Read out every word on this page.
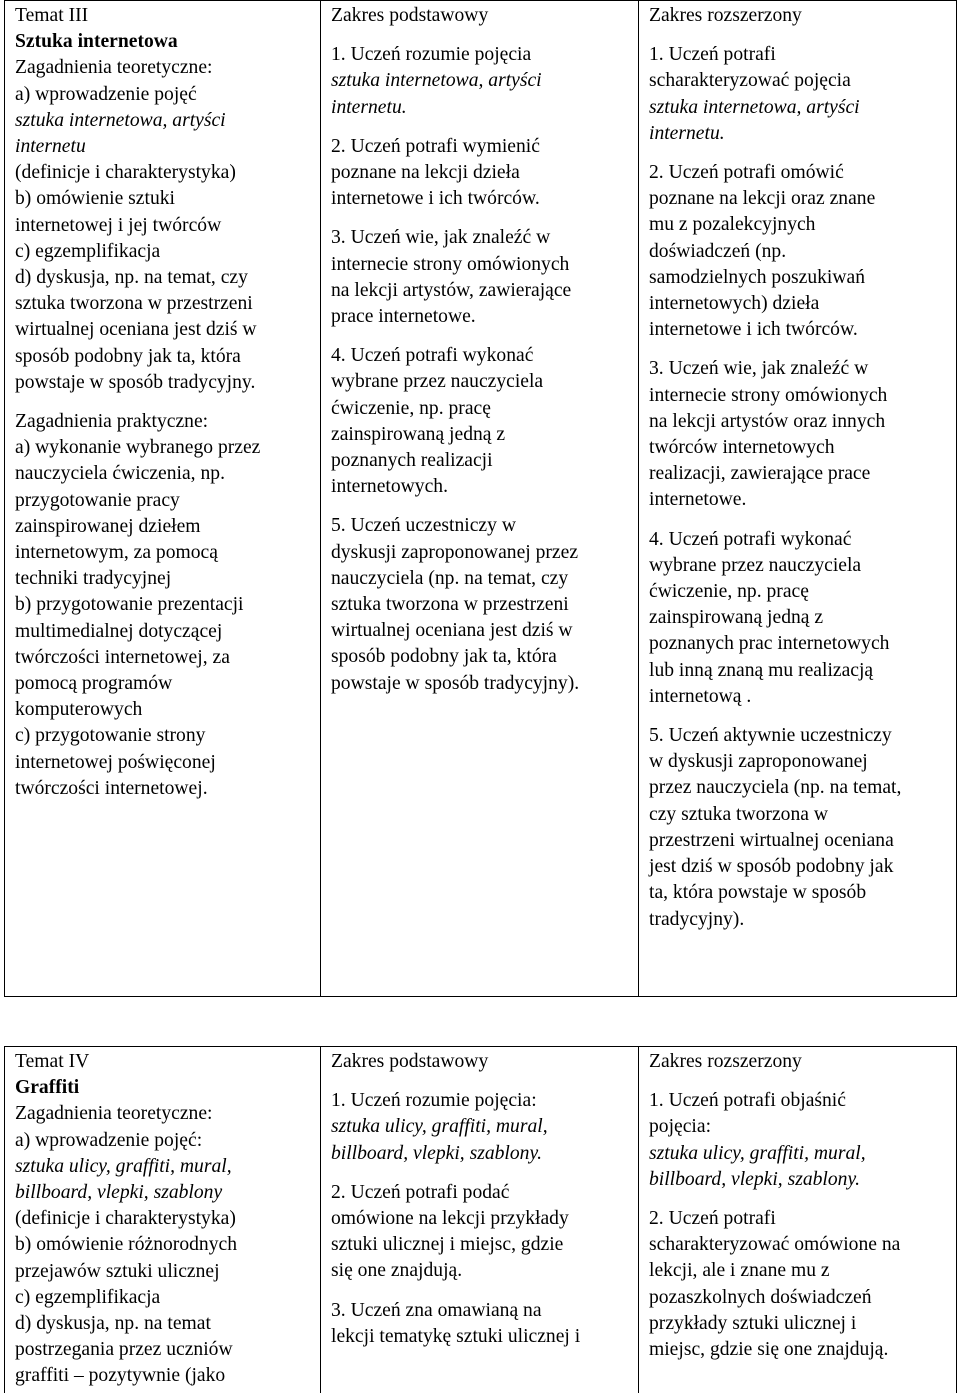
Temat III
Sztuka internetowa
Zagadnienia teoretyczne:
a) wprowadzenie pojęć
sztuka internetowa, artyści
internetu
(definicje i charakterystyka)
b) omówienie sztuki
internetowej i jej twórców
c) egzemplifikacja
d) dyskusja, np. na temat, czy
sztuka tworzona w przestrzeni
wirtualnej oceniana jest dziś w
sposób podobny jak ta, która
powstaje w sposób tradycyjny.
Zagadnienia praktyczne:
a) wykonanie wybranego przez
nauczyciela ćwiczenia, np.
przygotowanie pracy
zainspirowanej dziełem
internetowym, za pomocą
techniki tradycyjnej
b) przygotowanie prezentacji
multimedialnej dotyczącej
twórczości internetowej, za
pomocą programów
komputerowych
c) przygotowanie strony
internetowej poświęconej
twórczości internetowej.

Zakres podstawowy
1. Uczeń rozumie pojęcia
sztuka internetowa, artyści
internetu.
2. Uczeń potrafi wymienić
poznane na lekcji dzieła
internetowe i ich twórców.
3. Uczeń wie, jak znaleźć w
internecie strony omówionych
na lekcji artystów, zawierające
prace internetowe.
4. Uczeń potrafi wykonać
wybrane przez nauczyciela
ćwiczenie, np. pracę
zainspirowaną jedną z
poznanych realizacji
internetowych.
5. Uczeń uczestniczy w
dyskusji zaproponowanej przez
nauczyciela (np. na temat, czy
sztuka tworzona w przestrzeni
wirtualnej oceniana jest dziś w
sposób podobny jak ta, która
powstaje w sposób tradycyjny).

Zakres rozszerzony
1. Uczeń potrafi
scharakteryzować pojęcia
sztuka internetowa, artyści
internetu.
2. Uczeń potrafi omówić
poznane na lekcji oraz znane
mu z pozalekcyjnych
doświadczeń (np.
samodzielnych poszukiwań
internetowych) dzieła
internetowe i ich twórców.
3. Uczeń wie, jak znaleźć w
internecie strony omówionych
na lekcji artystów oraz innych
twórców internetowych
realizacji, zawierające prace
internetowe.
4. Uczeń potrafi wykonać
wybrane przez nauczyciela
ćwiczenie, np. pracę
zainspirowaną jedną z
poznanych prac internetowych
lub inną znaną mu realizacją
internetową .
5. Uczeń aktywnie uczestniczy
w dyskusji zaproponowanej
przez nauczyciela (np. na temat,
czy sztuka tworzona w
przestrzeni wirtualnej oceniana
jest dziś w sposób podobny jak
ta, która powstaje w sposób
tradycyjny).
Temat IV
Graffiti
Zagadnienia teoretyczne:
a) wprowadzenie pojęć:
sztuka ulicy, graffiti, mural,
billboard, vlepki, szablony
(definicje i charakterystyka)
b) omówienie różnorodnych
przejawów sztuki ulicznej
c) egzemplifikacja
d) dyskusja, np. na temat
postrzegania przez uczniów
graffiti – pozytywnie (jako

Zakres podstawowy
1. Uczeń rozumie pojęcia:
sztuka ulicy, graffiti, mural,
billboard, vlepki, szablony.
2. Uczeń potrafi podać
omówione na lekcji przykłady
sztuki ulicznej i miejsc, gdzie
się one znajdują.
3. Uczeń zna omawianą na
lekcji tematykę sztuki ulicznej i

Zakres rozszerzony
1. Uczeń potrafi objaśnić
pojęcia:
sztuka ulicy, graffiti, mural,
billboard, vlepki, szablony.
2. Uczeń potrafi
scharakteryzować omówione na
lekcji, ale i znane mu z
pozaszkolnych doświadczeń
przykłady sztuki ulicznej i
miejsc, gdzie się one znajdują.
